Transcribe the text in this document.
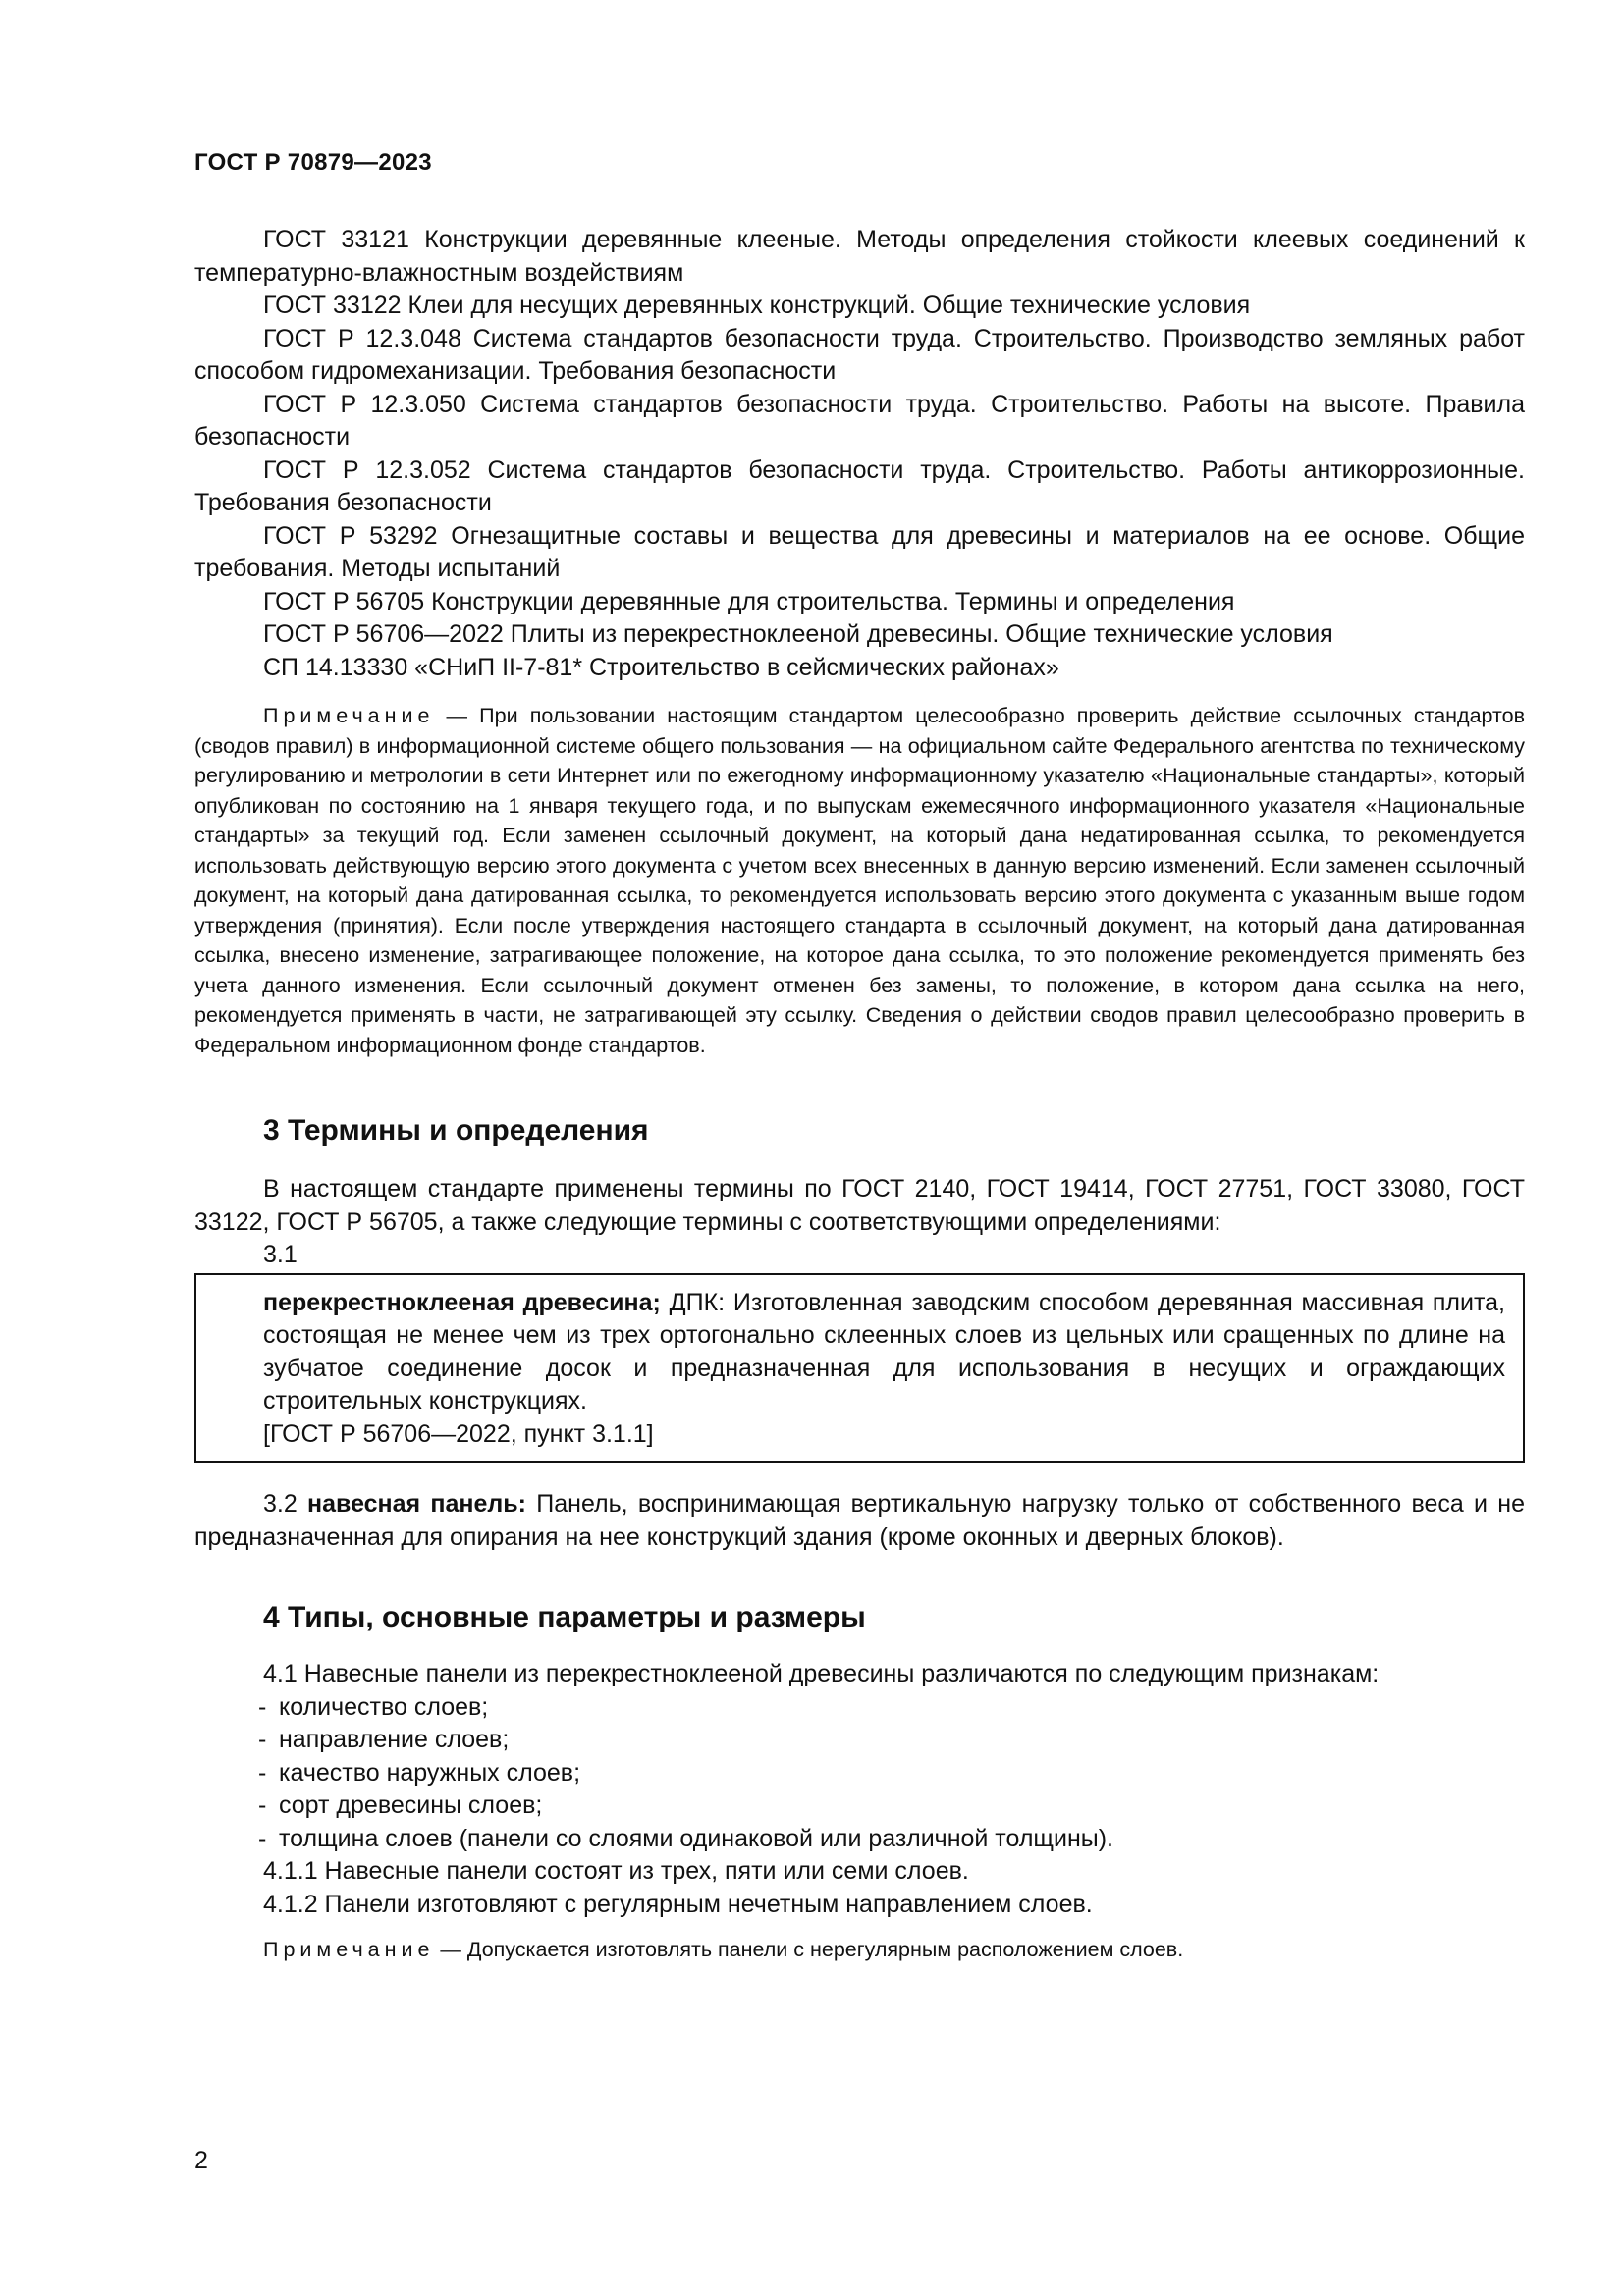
ГОСТ Р 70879—2023

ГОСТ 33121 Конструкции деревянные клееные. Методы определения стойкости клеевых соединений к температурно-влажностным воздействиям

ГОСТ 33122 Клеи для несущих деревянных конструкций. Общие технические условия

ГОСТ Р 12.3.048 Система стандартов безопасности труда. Строительство. Производство земляных работ способом гидромеханизации. Требования безопасности

ГОСТ Р 12.3.050 Система стандартов безопасности труда. Строительство. Работы на высоте. Правила безопасности

ГОСТ Р 12.3.052 Система стандартов безопасности труда. Строительство. Работы антикоррозионные. Требования безопасности

ГОСТ Р 53292 Огнезащитные составы и вещества для древесины и материалов на ее основе. Общие требования. Методы испытаний

ГОСТ Р 56705 Конструкции деревянные для строительства. Термины и определения

ГОСТ Р 56706—2022 Плиты из перекрестноклееной древесины. Общие технические условия

СП 14.13330 «СНиП II-7-81* Строительство в сейсмических районах»

Примечание — При пользовании настоящим стандартом целесообразно проверить действие ссылочных стандартов (сводов правил) в информационной системе общего пользования — на официальном сайте Федерального агентства по техническому регулированию и метрологии в сети Интернет или по ежегодному информационному указателю «Национальные стандарты», который опубликован по состоянию на 1 января текущего года, и по выпускам ежемесячного информационного указателя «Национальные стандарты» за текущий год. Если заменен ссылочный документ, на который дана недатированная ссылка, то рекомендуется использовать действующую версию этого документа с учетом всех внесенных в данную версию изменений. Если заменен ссылочный документ, на который дана датированная ссылка, то рекомендуется использовать версию этого документа с указанным выше годом утверждения (принятия). Если после утверждения настоящего стандарта в ссылочный документ, на который дана датированная ссылка, внесено изменение, затрагивающее положение, на которое дана ссылка, то это положение рекомендуется применять без учета данного изменения. Если ссылочный документ отменен без замены, то положение, в котором дана ссылка на него, рекомендуется применять в части, не затрагивающей эту ссылку. Сведения о действии сводов правил целесообразно проверить в Федеральном информационном фонде стандартов.

3 Термины и определения

В настоящем стандарте применены термины по ГОСТ 2140, ГОСТ 19414, ГОСТ 27751, ГОСТ 33080, ГОСТ 33122, ГОСТ Р 56705, а также следующие термины с соответствующими определениями:

3.1

перекрестноклееная древесина; ДПК: Изготовленная заводским способом деревянная массивная плита, состоящая не менее чем из трех ортогонально склеенных слоев из цельных или сращенных по длине на зубчатое соединение досок и предназначенная для использования в несущих и ограждающих строительных конструкциях.

[ГОСТ Р 56706—2022, пункт 3.1.1]

3.2 навесная панель: Панель, воспринимающая вертикальную нагрузку только от собственного веса и не предназначенная для опирания на нее конструкций здания (кроме оконных и дверных блоков).

4 Типы, основные параметры и размеры

4.1 Навесные панели из перекрестноклееной древесины различаются по следующим признакам:

- количество слоев;
- направление слоев;
- качество наружных слоев;
- сорт древесины слоев;
- толщина слоев (панели со слоями одинаковой или различной толщины).

4.1.1 Навесные панели состоят из трех, пяти или семи слоев.

4.1.2 Панели изготовляют с регулярным нечетным направлением слоев.

Примечание — Допускается изготовлять панели с нерегулярным расположением слоев.

2
